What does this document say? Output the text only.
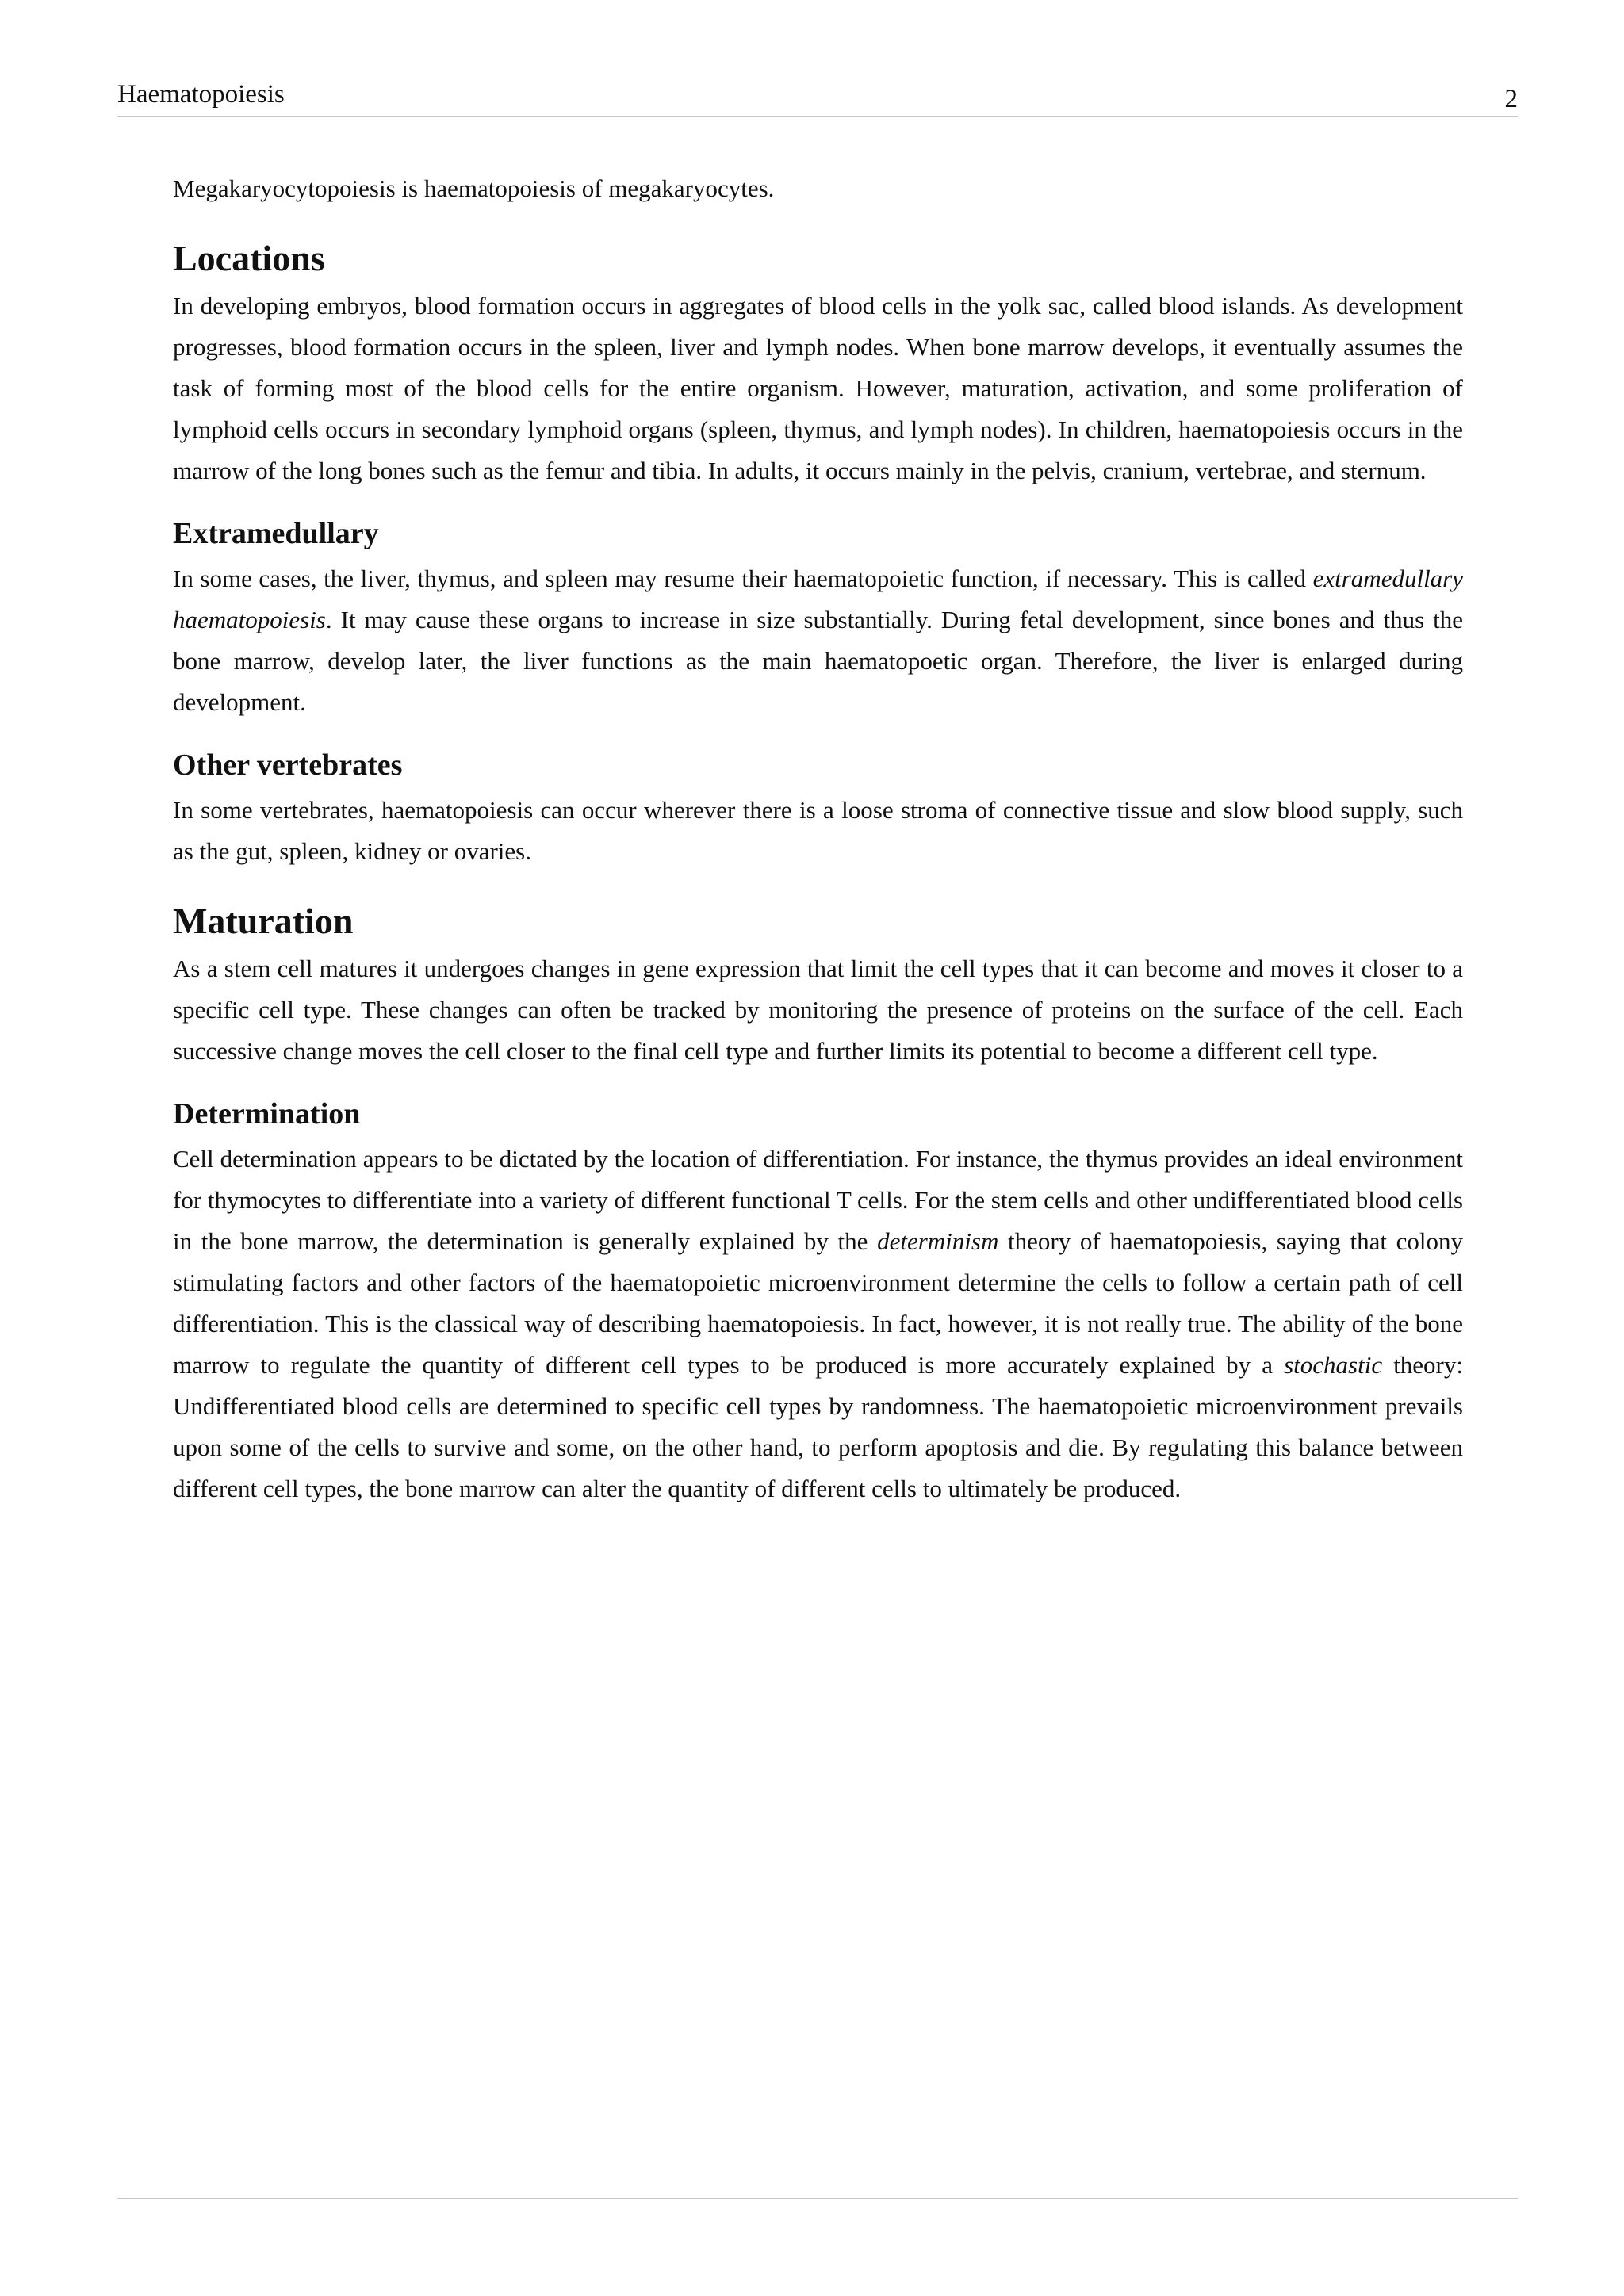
Haematopoiesis	2

Megakaryocytopoiesis is haematopoiesis of megakaryocytes.

Locations

In developing embryos, blood formation occurs in aggregates of blood cells in the yolk sac, called blood islands. As development progresses, blood formation occurs in the spleen, liver and lymph nodes. When bone marrow develops, it eventually assumes the task of forming most of the blood cells for the entire organism. However, maturation, activation, and some proliferation of lymphoid cells occurs in secondary lymphoid organs (spleen, thymus, and lymph nodes). In children, haematopoiesis occurs in the marrow of the long bones such as the femur and tibia. In adults, it occurs mainly in the pelvis, cranium, vertebrae, and sternum.

Extramedullary

In some cases, the liver, thymus, and spleen may resume their haematopoietic function, if necessary. This is called extramedullary haematopoiesis. It may cause these organs to increase in size substantially. During fetal development, since bones and thus the bone marrow, develop later, the liver functions as the main haematopoetic organ. Therefore, the liver is enlarged during development.

Other vertebrates

In some vertebrates, haematopoiesis can occur wherever there is a loose stroma of connective tissue and slow blood supply, such as the gut, spleen, kidney or ovaries.

Maturation

As a stem cell matures it undergoes changes in gene expression that limit the cell types that it can become and moves it closer to a specific cell type. These changes can often be tracked by monitoring the presence of proteins on the surface of the cell. Each successive change moves the cell closer to the final cell type and further limits its potential to become a different cell type.

Determination

Cell determination appears to be dictated by the location of differentiation. For instance, the thymus provides an ideal environment for thymocytes to differentiate into a variety of different functional T cells. For the stem cells and other undifferentiated blood cells in the bone marrow, the determination is generally explained by the determinism theory of haematopoiesis, saying that colony stimulating factors and other factors of the haematopoietic microenvironment determine the cells to follow a certain path of cell differentiation. This is the classical way of describing haematopoiesis. In fact, however, it is not really true. The ability of the bone marrow to regulate the quantity of different cell types to be produced is more accurately explained by a stochastic theory: Undifferentiated blood cells are determined to specific cell types by randomness. The haematopoietic microenvironment prevails upon some of the cells to survive and some, on the other hand, to perform apoptosis and die. By regulating this balance between different cell types, the bone marrow can alter the quantity of different cells to ultimately be produced.
